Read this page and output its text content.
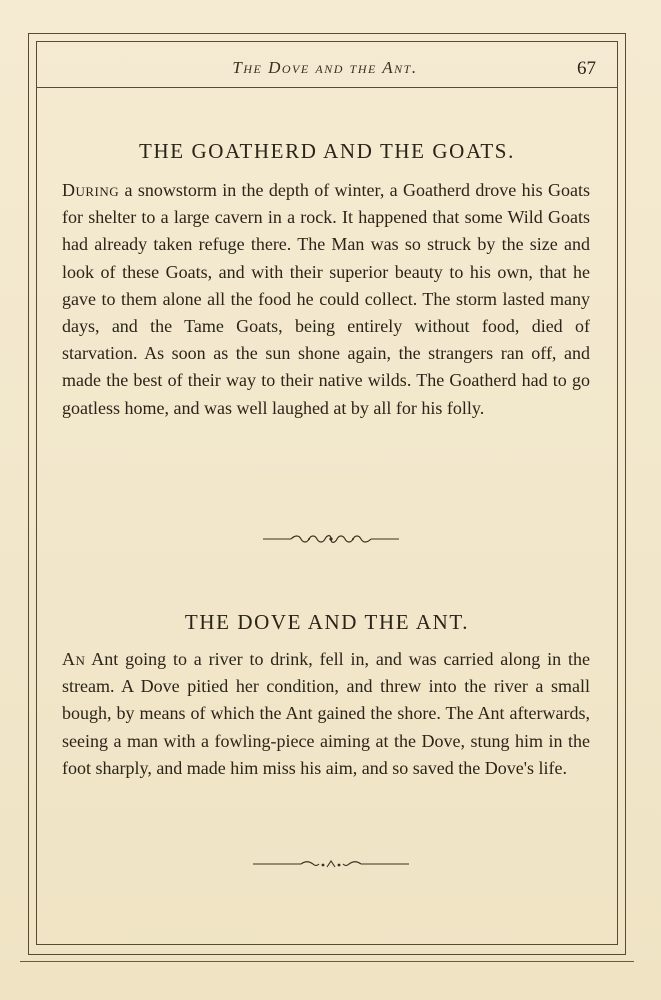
The Dove and the Ant.	67
THE GOATHERD AND THE GOATS.

During a snowstorm in the depth of winter, a Goatherd drove his Goats for shelter to a large cavern in a rock. It happened that some Wild Goats had already taken refuge there. The Man was so struck by the size and look of these Goats, and with their superior beauty to his own, that he gave to them alone all the food he could collect. The storm lasted many days, and the Tame Goats, being entirely without food, died of starvation. As soon as the sun shone again, the strangers ran off, and made the best of their way to their native wilds. The Goatherd had to go goatless home, and was well laughed at by all for his folly.

THE DOVE AND THE ANT.

An Ant going to a river to drink, fell in, and was carried along in the stream. A Dove pitied her condition, and threw into the river a small bough, by means of which the Ant gained the shore. The Ant afterwards, seeing a man with a fowling-piece aiming at the Dove, stung him in the foot sharply, and made him miss his aim, and so saved the Dove's life.
